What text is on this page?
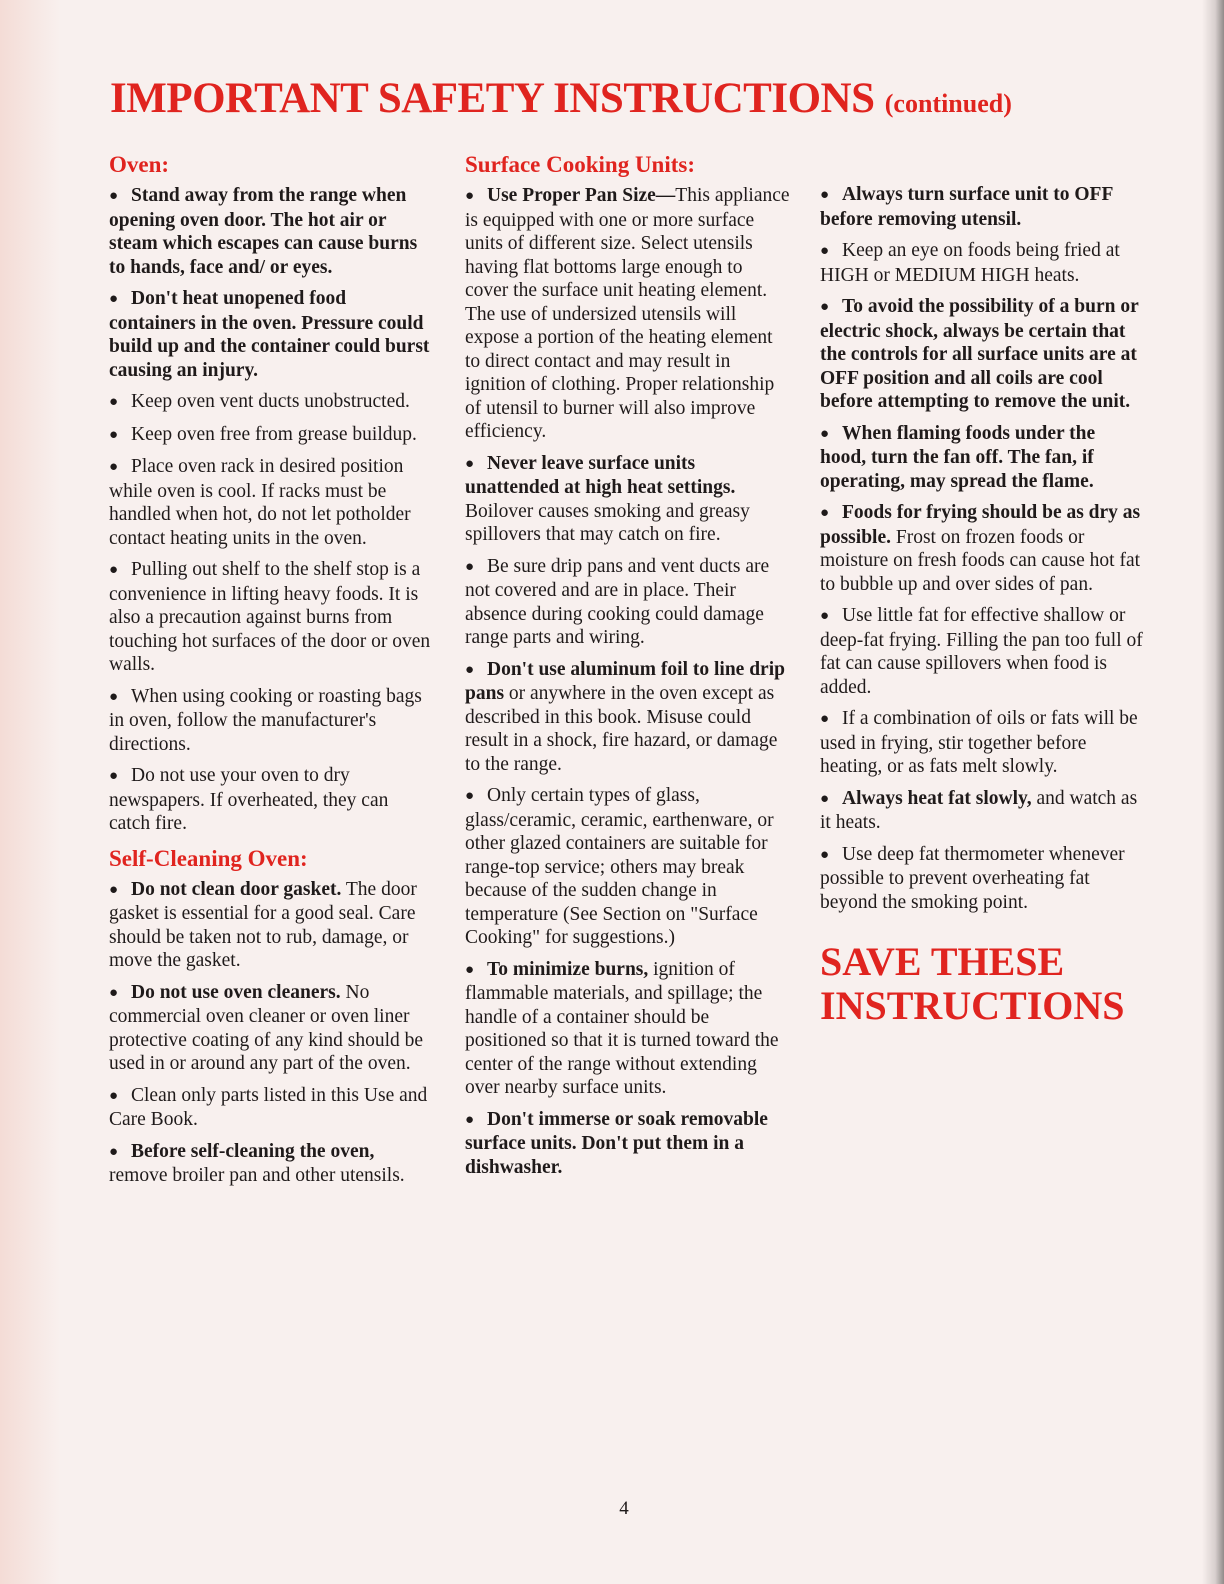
IMPORTANT SAFETY INSTRUCTIONS (continued)
Oven:
● Stand away from the range when opening oven door. The hot air or steam which escapes can cause burns to hands, face and/ or eyes.
● Don't heat unopened food containers in the oven. Pressure could build up and the container could burst causing an injury.
● Keep oven vent ducts unobstructed.
● Keep oven free from grease buildup.
● Place oven rack in desired position while oven is cool. If racks must be handled when hot, do not let potholder contact heating units in the oven.
● Pulling out shelf to the shelf stop is a convenience in lifting heavy foods. It is also a precaution against burns from touching hot surfaces of the door or oven walls.
● When using cooking or roasting bags in oven, follow the manufacturer's directions.
● Do not use your oven to dry newspapers. If overheated, they can catch fire.
Self-Cleaning Oven:
● Do not clean door gasket. The door gasket is essential for a good seal. Care should be taken not to rub, damage, or move the gasket.
● Do not use oven cleaners. No commercial oven cleaner or oven liner protective coating of any kind should be used in or around any part of the oven.
● Clean only parts listed in this Use and Care Book.
● Before self-cleaning the oven, remove broiler pan and other utensils.
Surface Cooking Units:
● Use Proper Pan Size—This appliance is equipped with one or more surface units of different size. Select utensils having flat bottoms large enough to cover the surface unit heating element. The use of undersized utensils will expose a portion of the heating element to direct contact and may result in ignition of clothing. Proper relationship of utensil to burner will also improve efficiency.
● Never leave surface units unattended at high heat settings. Boilover causes smoking and greasy spillovers that may catch on fire.
● Be sure drip pans and vent ducts are not covered and are in place. Their absence during cooking could damage range parts and wiring.
● Don't use aluminum foil to line drip pans or anywhere in the oven except as described in this book. Misuse could result in a shock, fire hazard, or damage to the range.
● Only certain types of glass, glass/ceramic, ceramic, earthenware, or other glazed containers are suitable for range-top service; others may break because of the sudden change in temperature (See Section on "Surface Cooking" for suggestions.)
● To minimize burns, ignition of flammable materials, and spillage; the handle of a container should be positioned so that it is turned toward the center of the range without extending over nearby surface units.
● Don't immerse or soak removable surface units. Don't put them in a dishwasher.
● Always turn surface unit to OFF before removing utensil.
● Keep an eye on foods being fried at HIGH or MEDIUM HIGH heats.
● To avoid the possibility of a burn or electric shock, always be certain that the controls for all surface units are at OFF position and all coils are cool before attempting to remove the unit.
● When flaming foods under the hood, turn the fan off. The fan, if operating, may spread the flame.
● Foods for frying should be as dry as possible. Frost on frozen foods or moisture on fresh foods can cause hot fat to bubble up and over sides of pan.
● Use little fat for effective shallow or deep-fat frying. Filling the pan too full of fat can cause spillovers when food is added.
● If a combination of oils or fats will be used in frying, stir together before heating, or as fats melt slowly.
● Always heat fat slowly, and watch as it heats.
● Use deep fat thermometer whenever possible to prevent overheating fat beyond the smoking point.
SAVE THESE
INSTRUCTIONS
4
